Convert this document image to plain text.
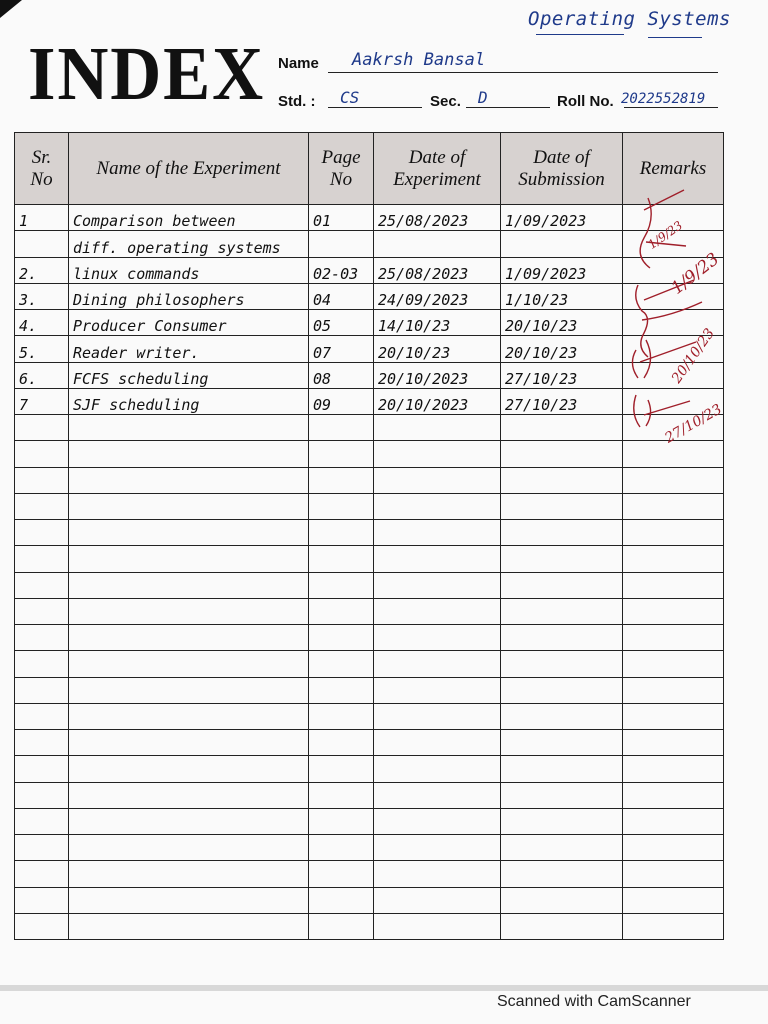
Operating Systems
INDEX Name Aakrsh Bansal
Std. : CS	Sec. D	Roll No. 2022552819
Sr. No	Name of the Experiment	Page No	Date of Experiment	Date of Submission	Remarks
1	Comparison between	01	25/08/2023	1/09/2023	
	diff. operating systems				
2.	linux commands	02-03	25/08/2023	1/09/2023	
3.	Dining philosophers	04	24/09/2023	1/10/23	
4.	Producer Consumer	05	14/10/23	20/10/23	
5.	Reader writer.	07	20/10/23	20/10/23	
6.	FCFS scheduling	08	20/10/2023	27/10/23	
7	SJF scheduling	09	20/10/2023	27/10/23	

1/9/23
1/9/23
20/10/23
27/10/23
Scanned with CamScanner
